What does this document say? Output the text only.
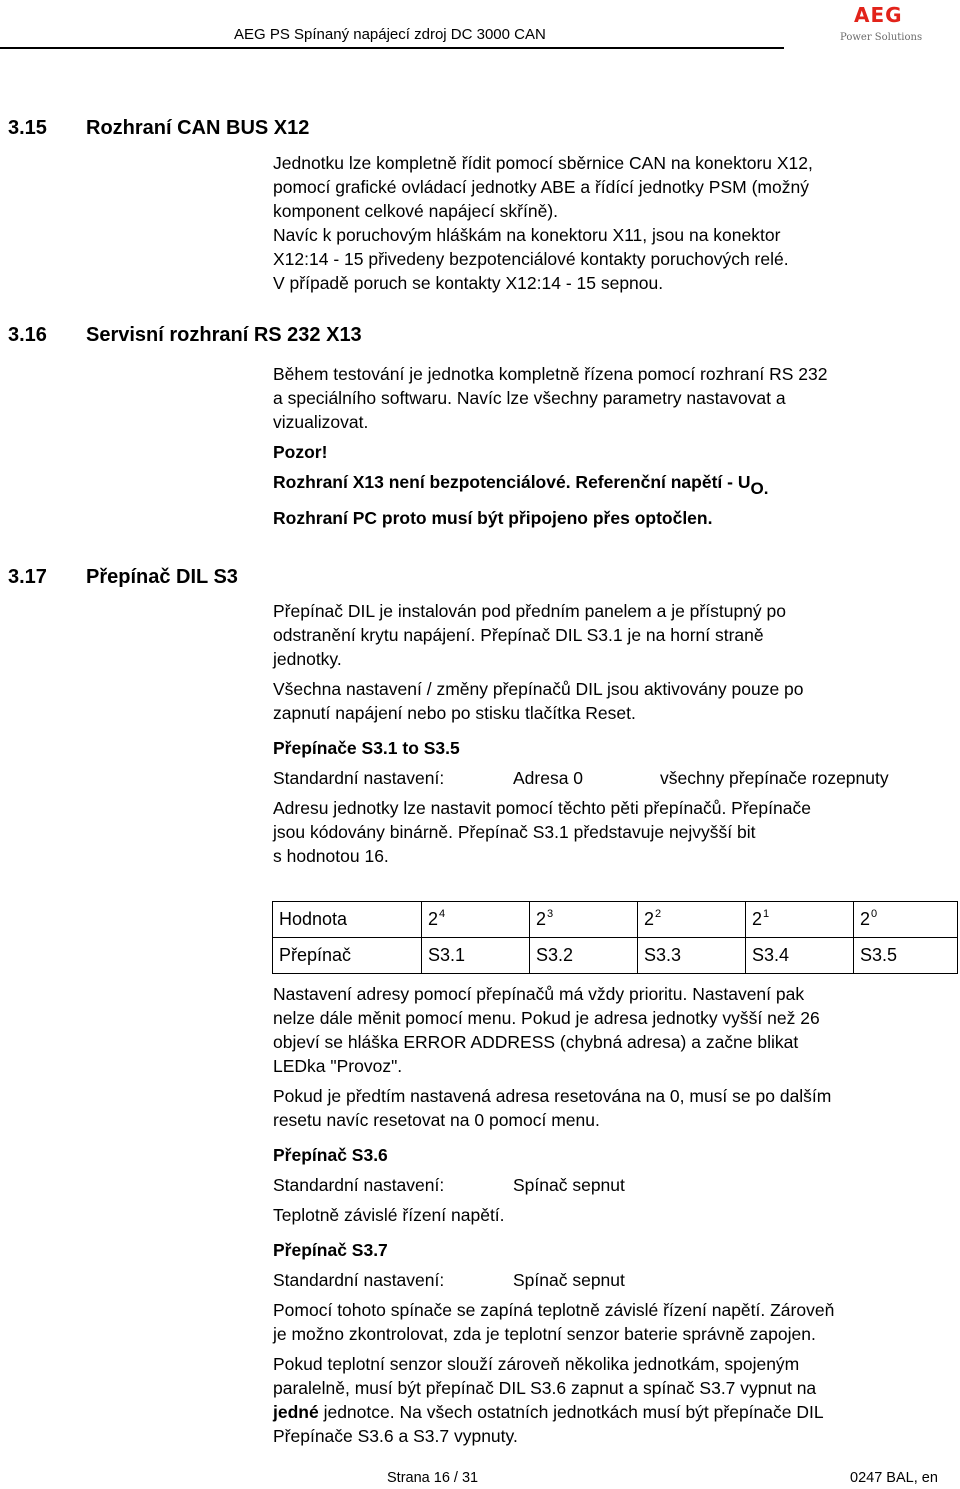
AEG PS Spínaný napájecí zdroj DC 3000 CAN
AEG
Power Solutions
3.15 Rozhraní CAN BUS X12

Jednotku lze kompletně řídit pomocí sběrnice CAN na konektoru X12,

pomocí grafické ovládací jednotky ABE a řídící jednotky PSM (možný

komponent celkové napájecí skříně).

Navíc k poruchovým hláškám na konektoru X11, jsou na konektor

X12:14 - 15 přivedeny bezpotenciálové kontakty poruchových relé.

V případě poruch se kontakty X12:14 - 15 sepnou.

3.16 Servisní rozhraní RS 232 X13

Během testování je jednotka kompletně řízena pomocí rozhraní RS 232

a speciálního softwaru. Navíc lze všechny parametry nastavovat a

vizualizovat.

Pozor!

Rozhraní X13 není bezpotenciálové. Referenční napětí - UO.

Rozhraní PC proto musí být připojeno přes optočlen.

3.17 Přepínač DIL S3

Přepínač DIL je instalován pod předním panelem a je přístupný po

odstranění krytu napájení. Přepínač DIL S3.1 je na horní straně

jednotky.

Všechna nastavení / změny přepínačů DIL jsou aktivovány pouze po

zapnutí napájení nebo po stisku tlačítka Reset.

Přepínače S3.1 to S3.5

Standardní nastavení:	Adresa 0	všechny přepínače rozepnuty

Adresu jednotky lze nastavit pomocí těchto pěti přepínačů. Přepínače

jsou kódovány binárně. Přepínač S3.1 představuje nejvyšší bit

s hodnotou 16.

Hodnota	$2^4$	$2^3$	$2^2$	$2^1$	$2^0$
Přepínač	S3.1	S3.2	S3.3	S3.4	S3.5

Nastavení adresy pomocí přepínačů má vždy prioritu. Nastavení pak

nelze dále měnit pomocí menu. Pokud je adresa jednotky vyšší než 26

objeví se hláška ERROR ADDRESS (chybná adresa) a začne blikat

LEDka "Provoz".

Pokud je předtím nastavená adresa resetována na 0, musí se po dalším

resetu navíc resetovat na 0 pomocí menu.

Přepínač S3.6

Standardní nastavení:	Spínač sepnut

Teplotně závislé řízení napětí.

Přepínač S3.7

Standardní nastavení:	Spínač sepnut

Pomocí tohoto spínače se zapíná teplotně závislé řízení napětí. Zároveň

je možno zkontrolovat, zda je teplotní senzor baterie správně zapojen.

Pokud teplotní senzor slouží zároveň několika jednotkám, spojeným

paralelně, musí být přepínač DIL S3.6 zapnut a spínač S3.7 vypnut na

jedné jednotce. Na všech ostatních jednotkách musí být přepínače DIL

Přepínače S3.6 a S3.7 vypnuty.

Strana 16 / 31	0247 BAL, en
